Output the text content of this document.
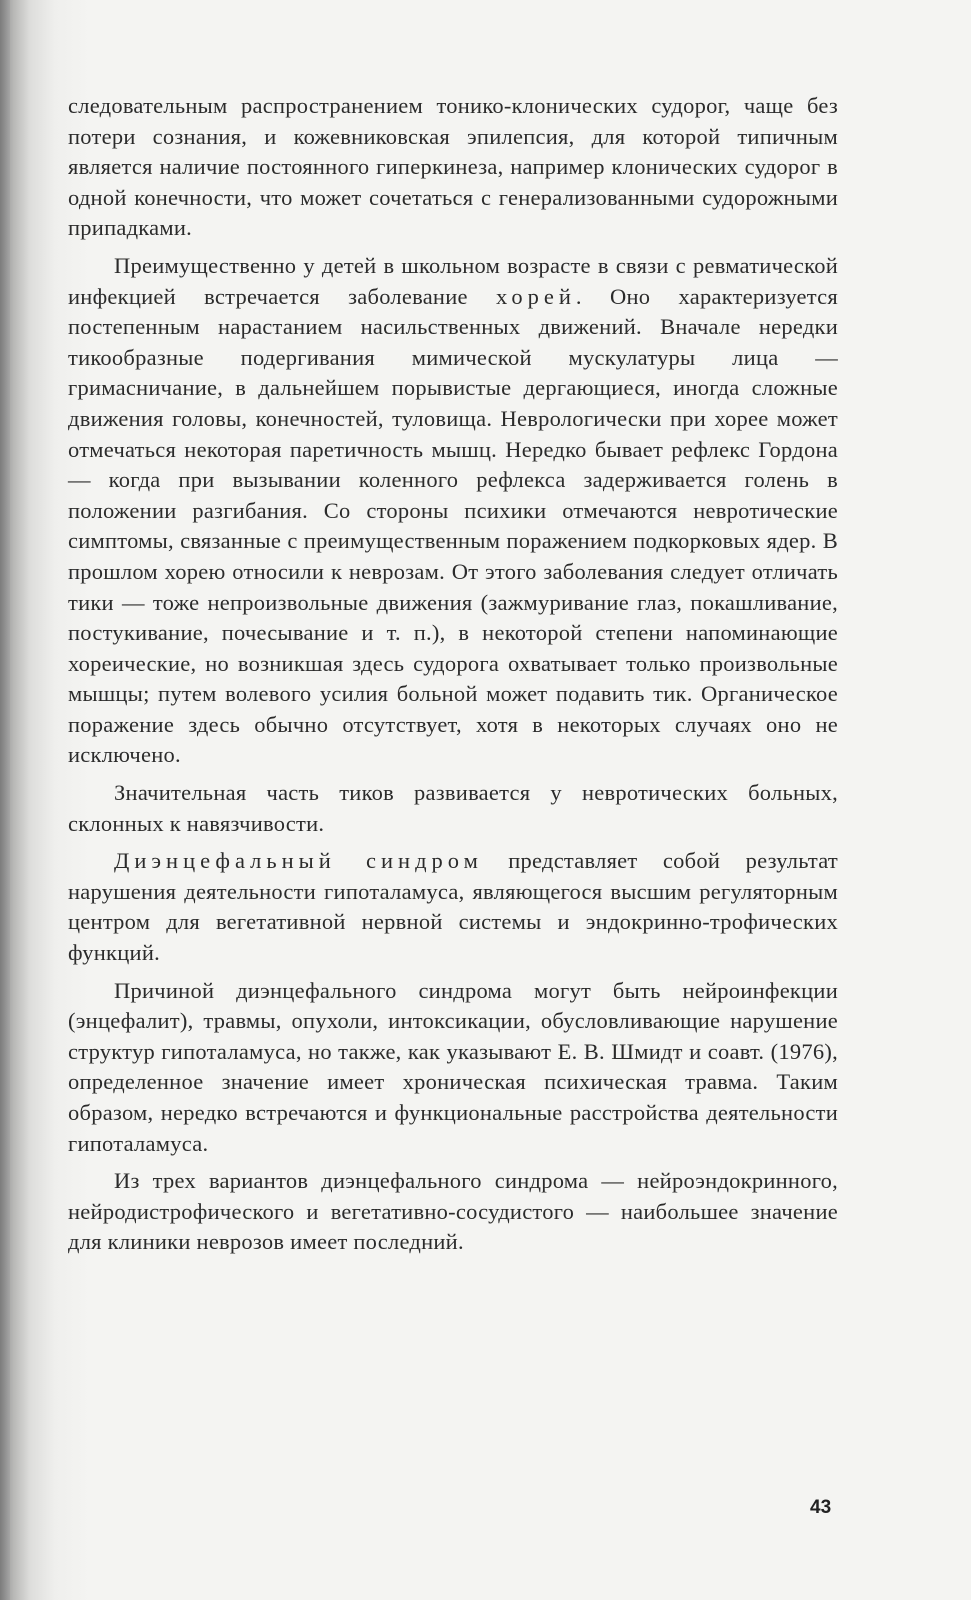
следовательным распространением тонико-клонических судорог, чаще без потери сознания, и кожевниковская эпилепсия, для которой типичным является наличие постоянного гиперкинеза, например клонических судорог в одной конечности, что может сочетаться с генерализованными судорожными припадками.

Преимущественно у детей в школьном возрасте в связи с ревматической инфекцией встречается заболевание хорей. Оно характеризуется постепенным нарастанием насильственных движений. Вначале нередки тикообразные подергивания мимической мускулатуры лица — гримасничание, в дальнейшем порывистые дергающиеся, иногда сложные движения головы, конечностей, туловища. Неврологически при хорее может отмечаться некоторая паретичность мышц. Нередко бывает рефлекс Гордона — когда при вызывании коленного рефлекса задерживается голень в положении разгибания. Со стороны психики отмечаются невротические симптомы, связанные с преимущественным поражением подкорковых ядер. В прошлом хорею относили к неврозам. От этого заболевания следует отличать тики — тоже непроизвольные движения (зажмуривание глаз, покашливание, постукивание, почесывание и т. п.), в некоторой степени напоминающие хореические, но возникшая здесь судорога охватывает только произвольные мышцы; путем волевого усилия больной может подавить тик. Органическое поражение здесь обычно отсутствует, хотя в некоторых случаях оно не исключено.

Значительная часть тиков развивается у невротических больных, склонных к навязчивости.

Диэнцефальный синдром представляет собой результат нарушения деятельности гипоталамуса, являющегося высшим регуляторным центром для вегетативной нервной системы и эндокринно-трофических функций.

Причиной диэнцефального синдрома могут быть нейроинфекции (энцефалит), травмы, опухоли, интоксикации, обусловливающие нарушение структур гипоталамуса, но также, как указывают Е. В. Шмидт и соавт. (1976), определенное значение имеет хроническая психическая травма. Таким образом, нередко встречаются и функциональные расстройства деятельности гипоталамуса.

Из трех вариантов диэнцефального синдрома — нейроэндокринного, нейродистрофического и вегетативно-сосудистого — наибольшее значение для клиники неврозов имеет последний.

43
